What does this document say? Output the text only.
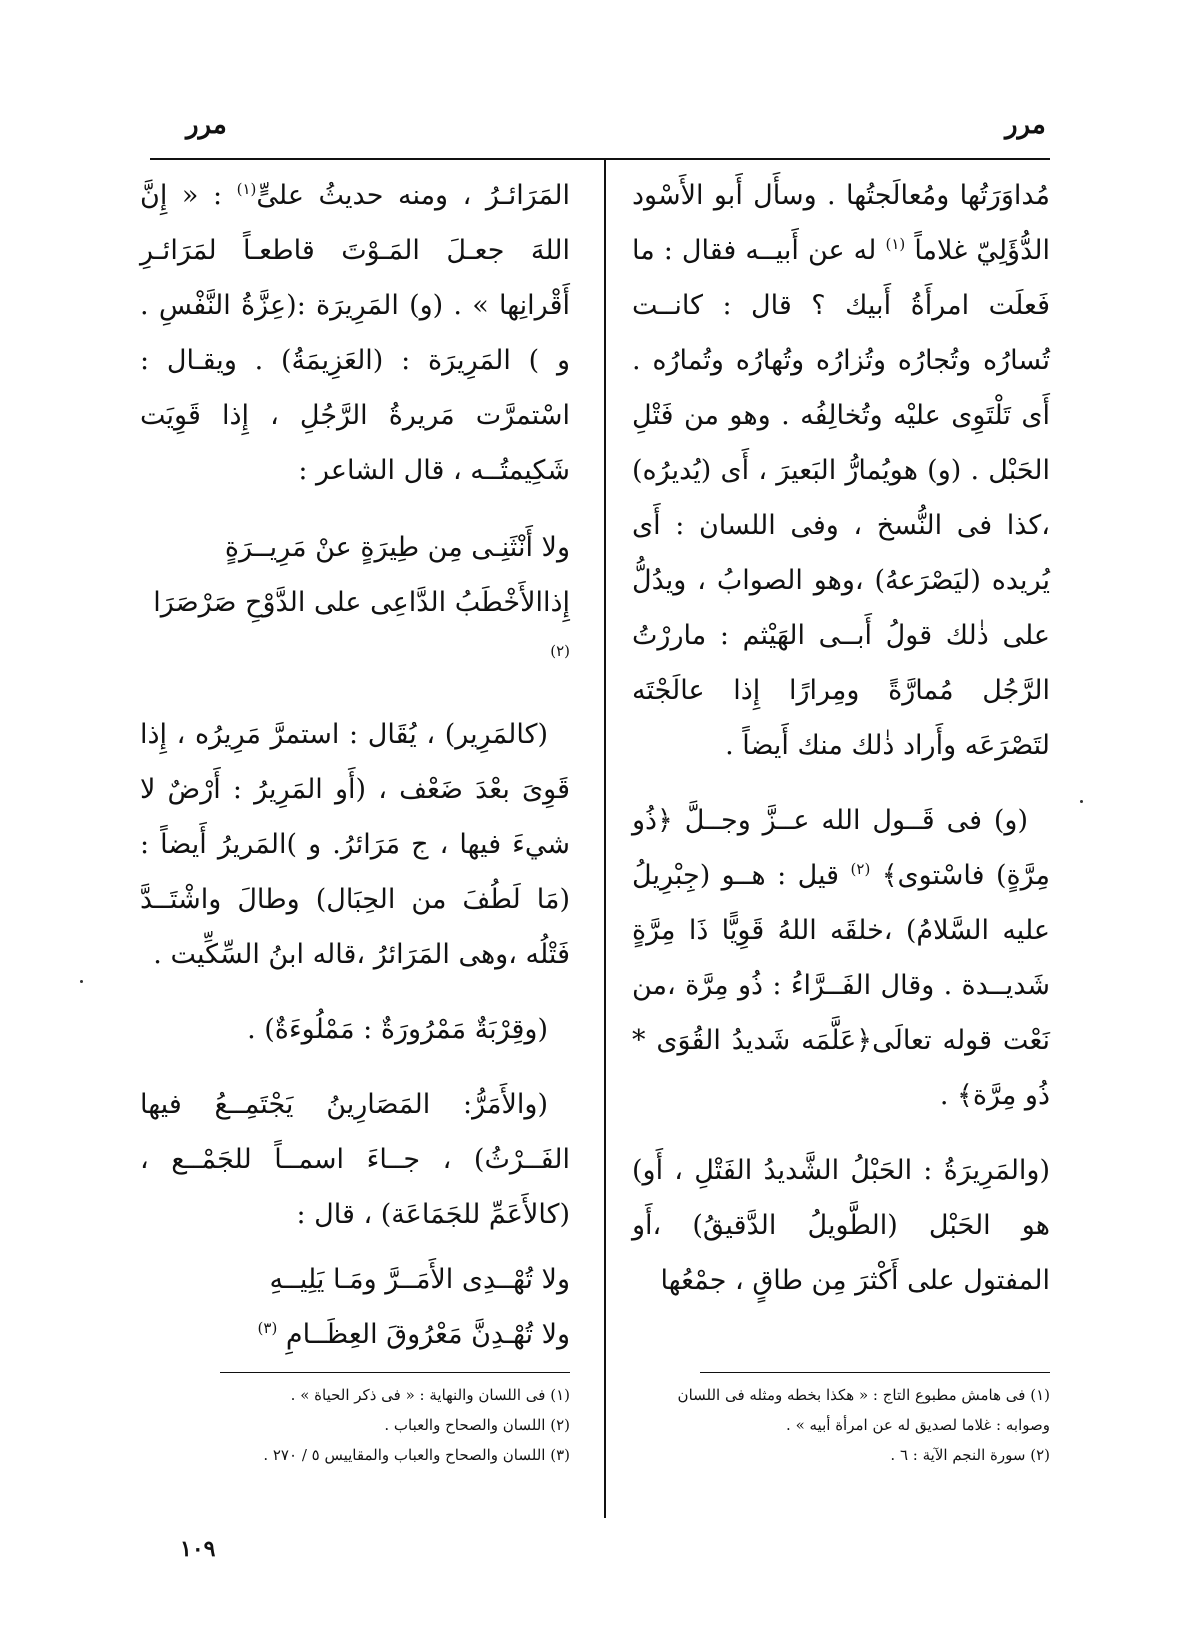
مرر
مرر

مُداوَرَتُها ومُعالَجتُها . وسأَل أَبو الأَسْود الدُّؤَلِيّ غلاماً $^{(١)}$ له عن أَبيــه فقال : ما فَعلَت امرأَةُ أَبيك ؟ قال : كانــت تُسارُه وتُجارُه وتُزارُه وتُهارُه وتُمارُه . أَى تَلْتَوِى عليْه وتُخالِفُه . وهو من فَتْلِ الحَبْل . (و) هويُمارُّ البَعيرَ ، أَى (يُديرُه) ،كذا فى النُّسخ ، وفى اللسان : أَى يُريده (ليَصْرَعهُ) ،وهو الصوابُ ، ويدُلُّ على ذٰلك قولُ أَبــى الهَيْثم : ماررْتُ الرَّجُل مُمارَّةً ومِرارًا إِذا عالَجْتَه لتَصْرَعَه وأَراد ذٰلك منك أَيضاً .

(و) فى قَــول الله عــزَّ وجــلَّ ﴿ذُو مِرَّةٍ) فاسْتوى﴾ $^{(٢)}$ قيل : هــو (جِبْرِيلُ عليه السَّلامُ) ،خلقَه اللهُ قَوِيًّا ذَا مِرَّةٍ شَديــدة . وقال الفَــرَّاءُ : ذُو مِرَّة ،من نَعْت قوله تعالَى﴿عَلَّمَه شَديدُ القُوَى * ذُو مِرَّة﴾ .

(والمَرِيرَةُ : الحَبْلُ الشَّديدُ الفَتْلِ ، أَو) هو الحَبْل (الطَّويلُ الدَّقيقُ) ،أَو المفتول على أَكْثرَ مِن طاقٍ ، جمْعُها

المَرَائـرُ ، ومنه حديثُ علىٍّ$^{(١)}$ : « إِنَّ اللهَ جعـلَ المَـوْتَ قاطعـاً لمَرَائـرِ أَقْرانِها » . (و) المَرِيرَة :(عِزَّةُ النَّفْسِ . و ) المَرِيرَة : (العَزِيمَةُ) . ويقـال : اسْتمرَّت مَريرةُ الرَّجُلِ ، إِذا قَوِيَت شَكِيمتُــه ، قال الشاعر :

ولا أَنْثَنِـى مِن طِيرَةٍ عنْ مَرِيــرَةٍ

إِذاالأَخْطَبُ الدَّاعِى على الدَّوْحِ صَرْصَرَا $^{(٢)}$

(كالمَرِير) ، يُقَال : استمرَّ مَرِيرُه ، إِذا قَوِىَ بعْدَ ضَعْف ، (أَو المَرِيرُ : أَرْضٌ لا شيءَ فيها ، ج مَرَائرُ. و )المَريرُ أَيضاً : (مَا لَطُفَ من الحِبَال) وطالَ واشْتَــدَّ فَتْلُه ،وهى المَرَائرُ ،قاله ابنُ السِّكِّيت .

(وقِرْبَةٌ مَمْرُورَةٌ : مَمْلُوءَةٌ) .

(والأَمَرُّ: المَصَارِينُ يَجْتَمِــعُ فيها الفَــرْثُ) ، جــاءَ اسمــاً للجَمْــع ، (كالأَعَمِّ للجَمَاعَة) ، قال :

ولا تُهْــدِى الأَمَــرَّ ومَـا يَلِيــهِ

ولا تُهْـدِنَّ مَعْرُوقَ العِظَــامِ $^{(٣)}$

(١) فى هامش مطبوع التاج : « هكذا بخطه ومثله فى اللسان وصوابه : غلاما لصديق له عن امرأة أبيه » .

(٢) سورة النجم الآية : ٦ .

(١) فى اللسان والنهاية : « فى ذكر الحياة » .

(٢) اللسان والصحاح والعباب .

(٣) اللسان والصحاح والعباب والمقاييس ٥ / ٢٧٠ .

١٠٩
